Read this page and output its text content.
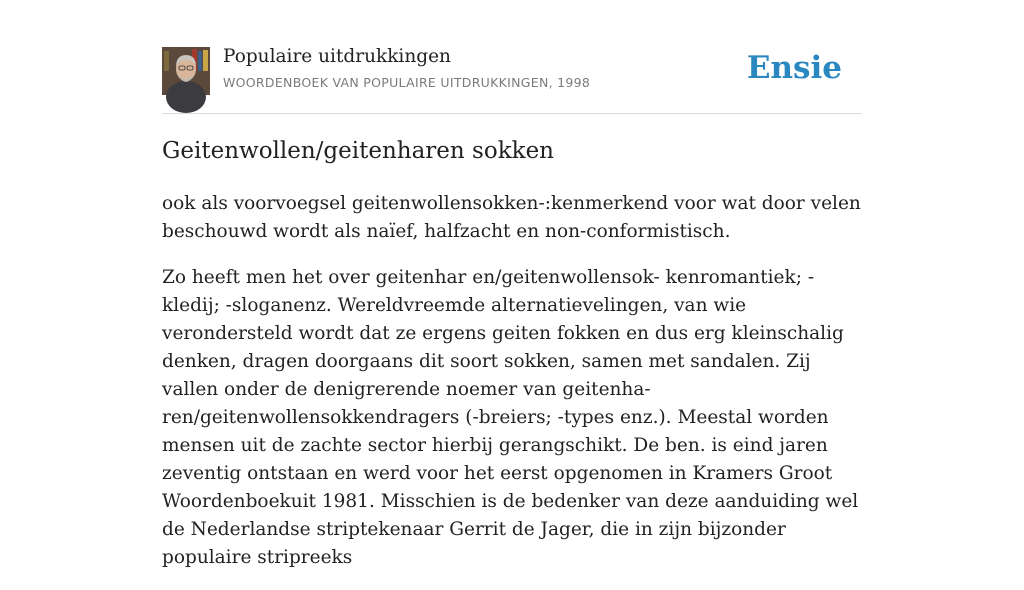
Populaire uitdrukkingen
WOORDENBOEK VAN POPULAIRE UITDRUKKINGEN, 1998	Ensie
Geitenwollen/geitenharen sokken

ook als voorvoegsel geitenwollensokken-:kenmerkend voor wat door velen beschouwd wordt als naïef, halfzacht en non-conformistisch.

Zo heeft men het over geitenhar en/geitenwollensok- kenromantiek; -kledij; -sloganenz. Wereldvreemde alternatievelingen, van wie verondersteld wordt dat ze ergens geiten fokken en dus erg kleinschalig denken, dragen doorgaans dit soort sokken, samen met sandalen. Zij vallen onder de denigrerende noemer van geitenha- ren/geitenwollensokkendragers (-breiers; -types enz.). Meestal worden mensen uit de zachte sector hierbij gerangschikt. De ben. is eind jaren zeventig ontstaan en werd voor het eerst opgenomen in Kramers Groot Woordenboekuit 1981. Misschien is de bedenker van deze aanduiding wel de Nederlandse striptekenaar Gerrit de Jager, die in zijn bijzonder populaire stripreeks
